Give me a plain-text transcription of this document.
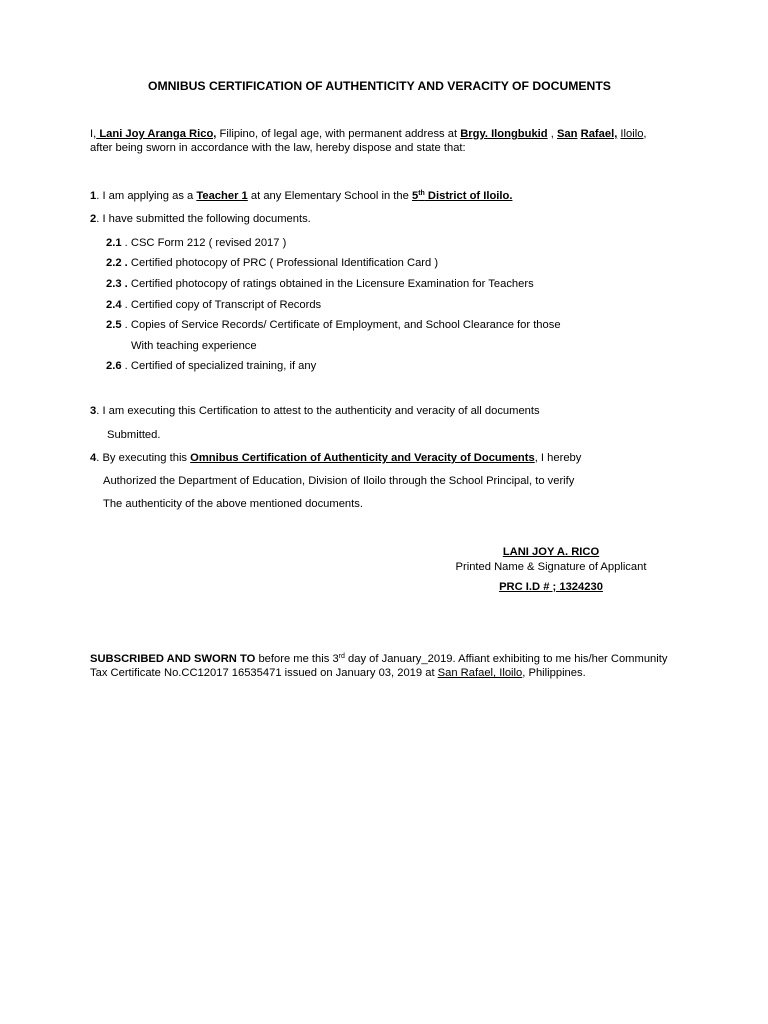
OMNIBUS CERTIFICATION OF AUTHENTICITY AND VERACITY OF DOCUMENTS
I, Lani Joy Aranga Rico, Filipino, of legal age, with permanent address at Brgy. Ilongbukid , San Rafael, Iloilo,
after being sworn in accordance with the law, hereby dispose and state that:
1. I am applying as a Teacher 1 at any Elementary School in the 5th District of Iloilo.
2. I have submitted the following documents.
2.1 . CSC Form 212 ( revised 2017 )
2.2 . Certified photocopy of PRC ( Professional Identification Card )
2.3 . Certified photocopy of ratings obtained in the Licensure Examination for Teachers
2.4 . Certified copy of Transcript of Records
2.5 . Copies of Service Records/ Certificate of Employment, and School Clearance for those
With teaching experience
2.6 . Certified of specialized training, if any
3. I am executing this Certification to attest to the authenticity and veracity of all documents
Submitted.
4. By executing this Omnibus Certification of Authenticity and Veracity of Documents, I hereby
Authorized the Department of Education, Division of Iloilo through the School Principal, to verify
The authenticity of the above mentioned documents.
LANI JOY A. RICO
Printed Name & Signature of Applicant
PRC I.D # ; 1324230
SUBSCRIBED AND SWORN TO before me this 3rd day of January_2019. Affiant exhibiting to me his/her Community
Tax Certificate No.CC12017 16535471 issued on January 03, 2019 at San Rafael, Iloilo, Philippines.
